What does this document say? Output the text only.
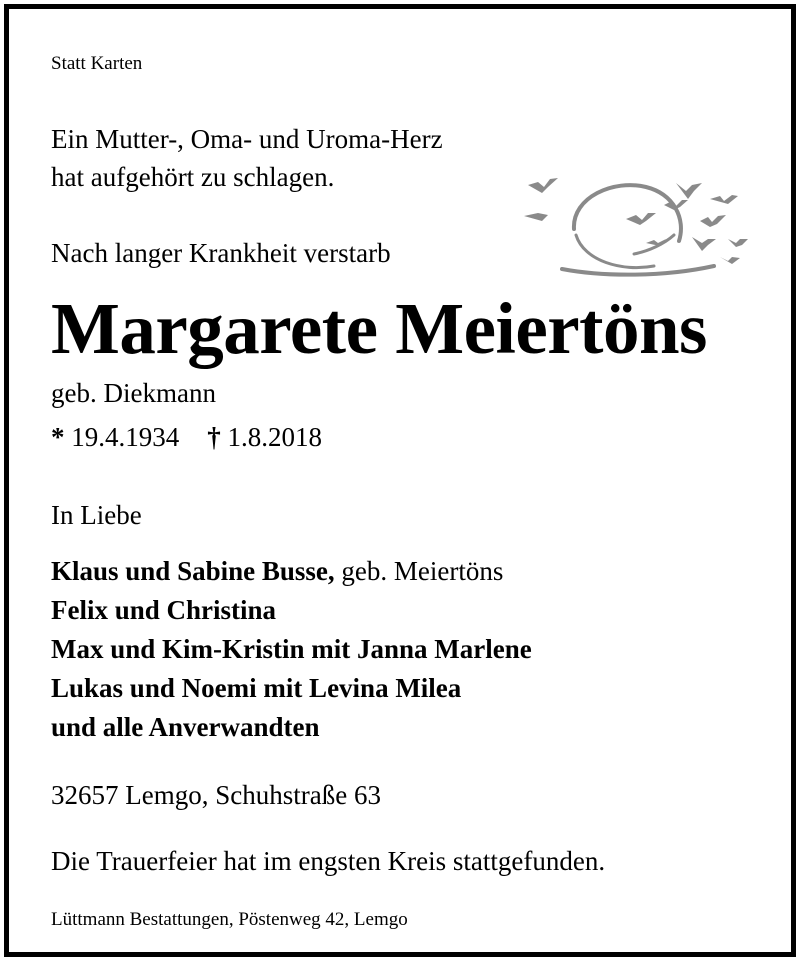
Statt Karten

Ein Mutter-, Oma- und Uroma-Herz

hat aufgehört zu schlagen.

Nach langer Krankheit verstarb

Margarete Meiertöns

geb. Diekmann

* 19.4.1934 † 1.8.2018

In Liebe

Klaus und Sabine Busse, geb. Meiertöns

Felix und Christina

Max und Kim-Kristin mit Janna Marlene

Lukas und Noemi mit Levina Milea

und alle Anverwandten

32657 Lemgo, Schuhstraße 63

Die Trauerfeier hat im engsten Kreis stattgefunden.

Lüttmann Bestattungen, Pöstenweg 42, Lemgo
